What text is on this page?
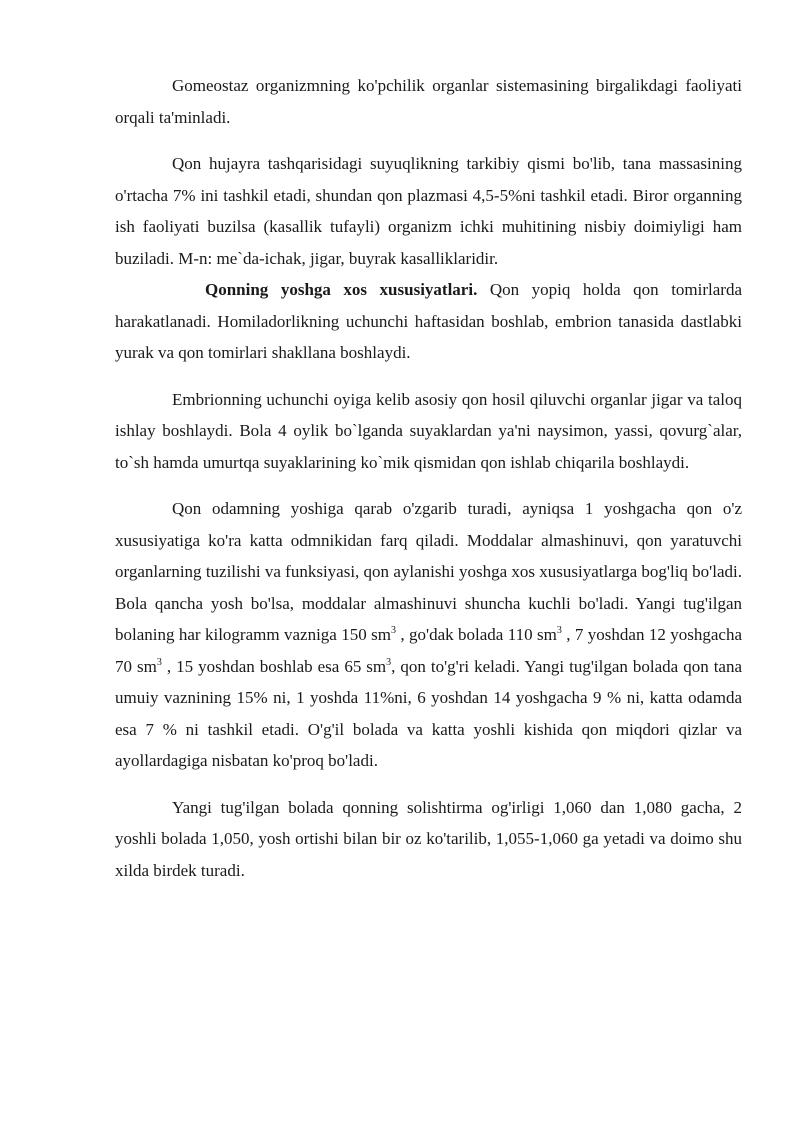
Gomeostaz organizmning ko'pchilik organlar sistemasining birgalikdagi faoliyati orqali ta'minladi.

Qon hujayra tashqarisidagi suyuqlikning tarkibiy qismi bo'lib, tana massasining o'rtacha 7% ini tashkil etadi, shundan qon plazmasi 4,5-5%ni tashkil etadi. Biror organning ish faoliyati buzilsa (kasallik tufayli) organizm ichki muhitining nisbiy doimiyligi ham buziladi. M-n: me`da-ichak, jigar, buyrak kasalliklaridir.

Qonning yoshga xos xususiyatlari. Qon yopiq holda qon tomirlarda harakatlanadi. Homiladorlikning uchunchi haftasidan boshlab, embrion tanasida dastlabki yurak va qon tomirlari shakllana boshlaydi.

Embrionning uchunchi oyiga kelib asosiy qon hosil qiluvchi organlar jigar va taloq ishlay boshlaydi. Bola 4 oylik bo`lganda suyaklardan ya'ni naysimon, yassi, qovurg`alar, to`sh hamda umurtqa suyaklarining ko`mik qismidan qon ishlab chiqarila boshlaydi.

Qon odamning yoshiga qarab o'zgarib turadi, ayniqsa 1 yoshgacha qon o'z xususiyatiga ko'ra katta odmnikidan farq qiladi. Moddalar almashinuvi, qon yaratuvchi organlarning tuzilishi va funksiyasi, qon aylanishi yoshga xos xususiyatlarga bog'liq bo'ladi. Bola qancha yosh bo'lsa, moddalar almashinuvi shuncha kuchli bo'ladi. Yangi tug'ilgan bolaning har kilogramm vazniga 150 $sm^3$ , go'dak bolada 110 $sm^3$ , 7 yoshdan 12 yoshgacha 70 $sm^3$ , 15 yoshdan boshlab esa 65 $sm^3$, qon to'g'ri keladi. Yangi tug'ilgan bolada qon tana umuiy vaznining 15% ni, 1 yoshda 11%ni, 6 yoshdan 14 yoshgacha 9 % ni, katta odamda esa 7 % ni tashkil etadi. O'g'il bolada va katta yoshli kishida qon miqdori qizlar va ayollardagiga nisbatan ko'proq bo'ladi.

Yangi tug'ilgan bolada qonning solishtirma og'irligi 1,060 dan 1,080 gacha, 2 yoshli bolada 1,050, yosh ortishi bilan bir oz ko'tarilib, 1,055-1,060 ga yetadi va doimo shu xilda birdek turadi.
